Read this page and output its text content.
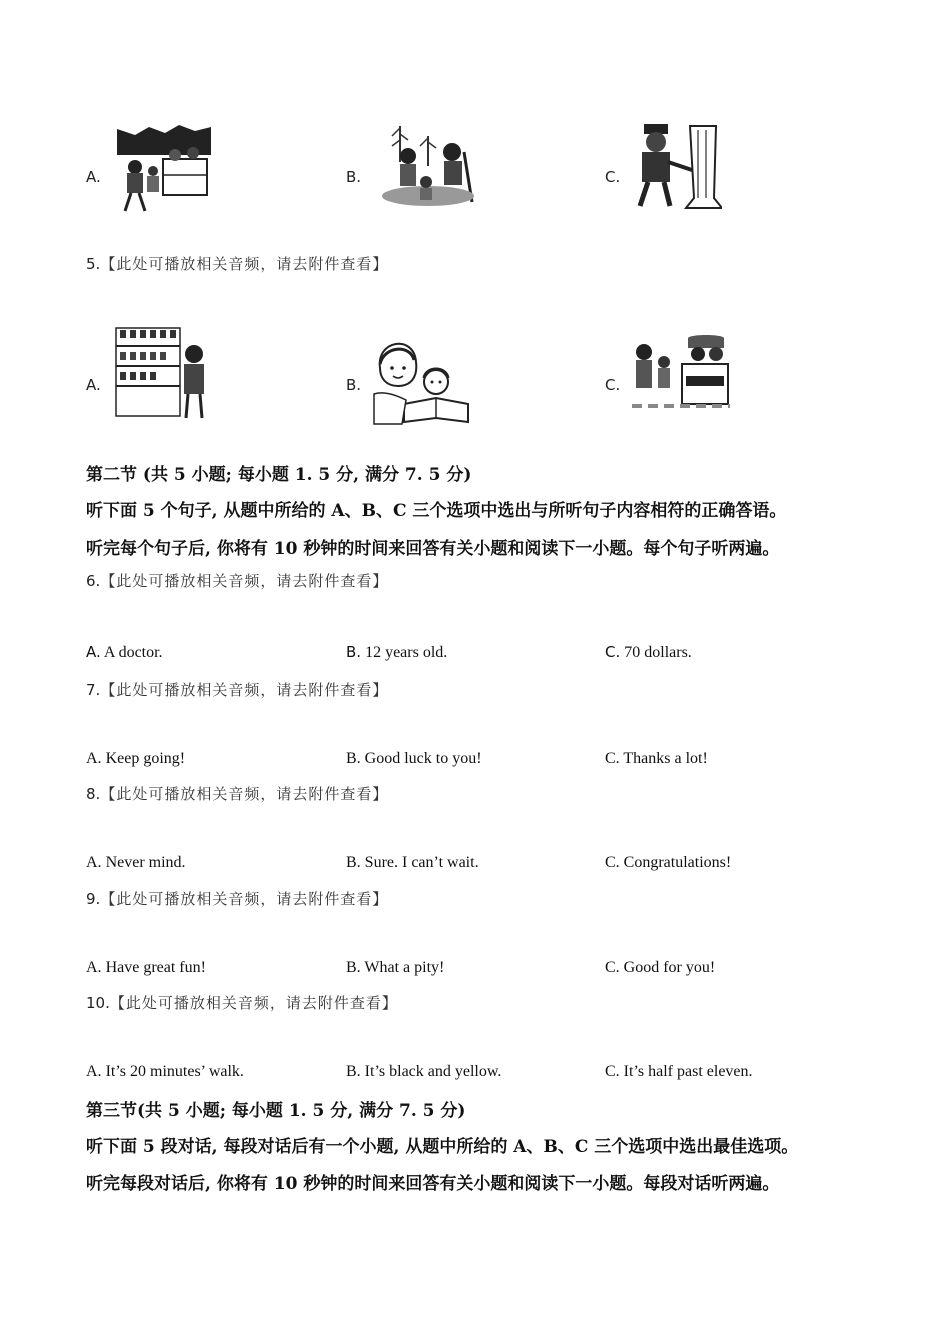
A.	B.	C.
5.【此处可播放相关音频，请去附件查看】
A.	B.	C.
第二节 (共 5 小题; 每小题 1. 5 分, 满分 7. 5 分)
听下面 5 个句子, 从题中所给的 A、B、C 三个选项中选出与所听句子内容相符的正确答语。
听完每个句子后, 你将有 10 秒钟的时间来回答有关小题和阅读下一小题。每个句子听两遍。
6.【此处可播放相关音频，请去附件查看】
A. A doctor.	B. 12 years old.	C. 70 dollars.
7.【此处可播放相关音频，请去附件查看】
A. Keep going!	B. Good luck to you!	C. Thanks a lot!
8.【此处可播放相关音频，请去附件查看】
A. Never mind.	B. Sure. I can’t wait.	C. Congratulations!
9.【此处可播放相关音频，请去附件查看】
A. Have great fun!	B. What a pity!	C. Good for you!
10.【此处可播放相关音频，请去附件查看】
A. It’s 20 minutes’ walk.	B. It’s black and yellow.	C. It’s half past eleven.
第三节(共 5 小题; 每小题 1. 5 分, 满分 7. 5 分)
听下面 5 段对话, 每段对话后有一个小题, 从题中所给的 A、B、C 三个选项中选出最佳选项。
听完每段对话后, 你将有 10 秒钟的时间来回答有关小题和阅读下一小题。每段对话听两遍。
